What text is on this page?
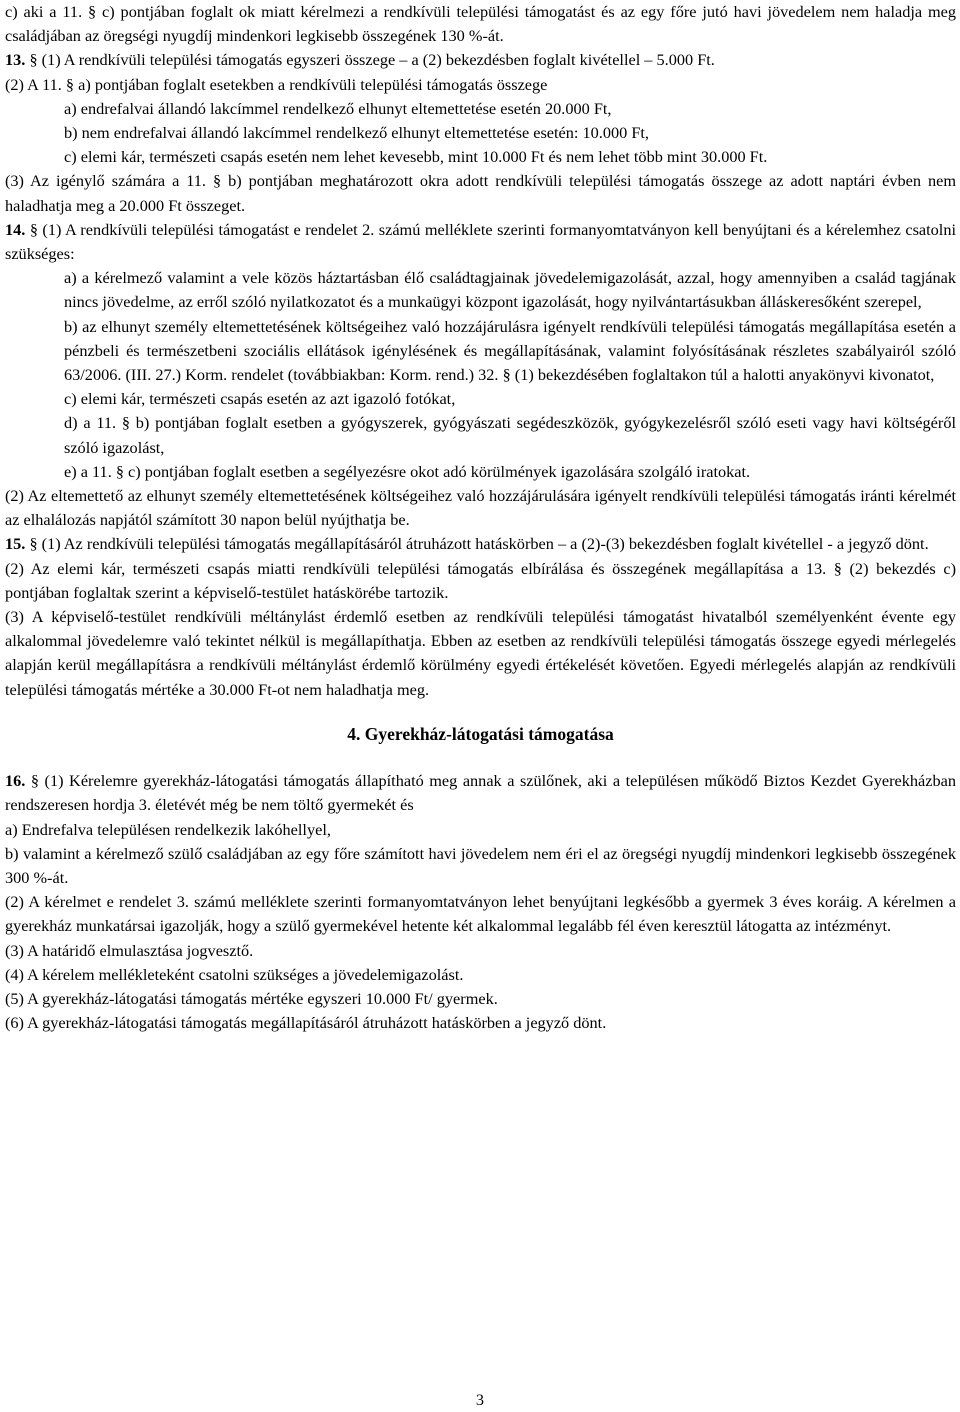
c) aki a 11. § c) pontjában foglalt ok miatt kérelmezi a rendkívüli települési támogatást és az egy főre jutó havi jövedelem nem haladja meg családjában az öregségi nyugdíj mindenkori legkisebb összegének 130 %-át.

13. § (1) A rendkívüli települési támogatás egyszeri összege – a (2) bekezdésben foglalt kivétellel – 5.000 Ft.

(2) A 11. § a) pontjában foglalt esetekben a rendkívüli települési támogatás összege

a) endrefalvai állandó lakcímmel rendelkező elhunyt eltemettetése esetén 20.000 Ft,

b) nem endrefalvai állandó lakcímmel rendelkező elhunyt eltemettetése esetén: 10.000 Ft,

c) elemi kár, természeti csapás esetén nem lehet kevesebb, mint 10.000 Ft és nem lehet több mint 30.000 Ft.

(3) Az igénylő számára a 11. § b) pontjában meghatározott okra adott rendkívüli települési támogatás összege az adott naptári évben nem haladhatja meg a 20.000 Ft összeget.

14. § (1) A rendkívüli települési támogatást e rendelet 2. számú melléklete szerinti formanyomtatványon kell benyújtani és a kérelemhez csatolni szükséges:

a) a kérelmező valamint a vele közös háztartásban élő családtagjainak jövedelemigazolását, azzal, hogy amennyiben a család tagjának nincs jövedelme, az erről szóló nyilatkozatot és a munkaügyi központ igazolását, hogy nyilvántartásukban álláskeresőként szerepel,

b) az elhunyt személy eltemettetésének költségeihez való hozzájárulásra igényelt rendkívüli települési támogatás megállapítása esetén a pénzbeli és természetbeni szociális ellátások igénylésének és megállapításának, valamint folyósításának részletes szabályairól szóló 63/2006. (III. 27.) Korm. rendelet (továbbiakban: Korm. rend.) 32. § (1) bekezdésében foglaltakon túl a halotti anyakönyvi kivonatot,

c) elemi kár, természeti csapás esetén az azt igazoló fotókat,

d) a 11. § b) pontjában foglalt esetben a gyógyszerek, gyógyászati segédeszközök, gyógykezelésről szóló eseti vagy havi költségéről szóló igazolást,

e) a 11. § c) pontjában foglalt esetben a segélyezésre okot adó körülmények igazolására szolgáló iratokat.

(2) Az eltemettető az elhunyt személy eltemettetésének költségeihez való hozzájárulására igényelt rendkívüli települési támogatás iránti kérelmét az elhalálozás napjától számított 30 napon belül nyújthatja be.

15. § (1) Az rendkívüli települési támogatás megállapításáról átruházott hatáskörben – a (2)-(3) bekezdésben foglalt kivétellel - a jegyző dönt.

(2) Az elemi kár, természeti csapás miatti rendkívüli települési támogatás elbírálása és összegének megállapítása a 13. § (2) bekezdés c) pontjában foglaltak szerint a képviselő-testület hatáskörébe tartozik.

(3) A képviselő-testület rendkívüli méltánylást érdemlő esetben az rendkívüli települési támogatást hivatalból személyenként évente egy alkalommal jövedelemre való tekintet nélkül is megállapíthatja. Ebben az esetben az rendkívüli települési támogatás összege egyedi mérlegelés alapján kerül megállapításra a rendkívüli méltánylást érdemlő körülmény egyedi értékelését követően. Egyedi mérlegelés alapján az rendkívüli települési támogatás mértéke a 30.000 Ft-ot nem haladhatja meg.

4. Gyerekház-látogatási támogatása

16. § (1) Kérelemre gyerekház-látogatási támogatás állapítható meg annak a szülőnek, aki a településen működő Biztos Kezdet Gyerekházban rendszeresen hordja 3. életévét még be nem töltő gyermekét és

a) Endrefalva településen rendelkezik lakóhellyel,

b) valamint a kérelmező szülő családjában az egy főre számított havi jövedelem nem éri el az öregségi nyugdíj mindenkori legkisebb összegének 300 %-át.

(2) A kérelmet e rendelet 3. számú melléklete szerinti formanyomtatványon lehet benyújtani legkésőbb a gyermek 3 éves koráig. A kérelmen a gyerekház munkatársai igazolják, hogy a szülő gyermekével hetente két alkalommal legalább fél éven keresztül látogatta az intézményt.

(3) A határidő elmulasztása jogvesztő.

(4) A kérelem mellékleteként csatolni szükséges a jövedelemigazolást.

(5) A gyerekház-látogatási támogatás mértéke egyszeri 10.000 Ft/ gyermek.

(6) A gyerekház-látogatási támogatás megállapításáról átruházott hatáskörben a jegyző dönt.

3
